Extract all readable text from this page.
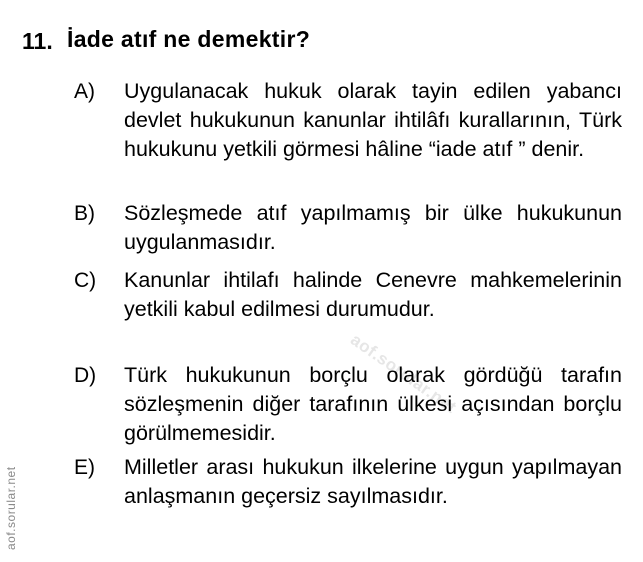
11. İade atıf ne demektir?
aof.sorular.net
A) Uygulanacak hukuk olarak tayin edilen yabancı devlet hukukunun kanunlar ihtilâfı kurallarının, Türk hukukunu yetkili görmesi hâline “iade atıf ” denir.
B) Sözleşmede atıf yapılmamış bir ülke hukukunun uygulanmasıdır.
C) Kanunlar ihtilafı halinde Cenevre mahkemelerinin yetkili kabul edilmesi durumudur.
D) Türk hukukunun borçlu olarak gördüğü tarafın sözleşmenin diğer tarafının ülkesi açısından borçlu görülmemesidir.
E) Milletler arası hukukun ilkelerine uygun yapılmayan anlaşmanın geçersiz sayılmasıdır.
aof.sorular.net
